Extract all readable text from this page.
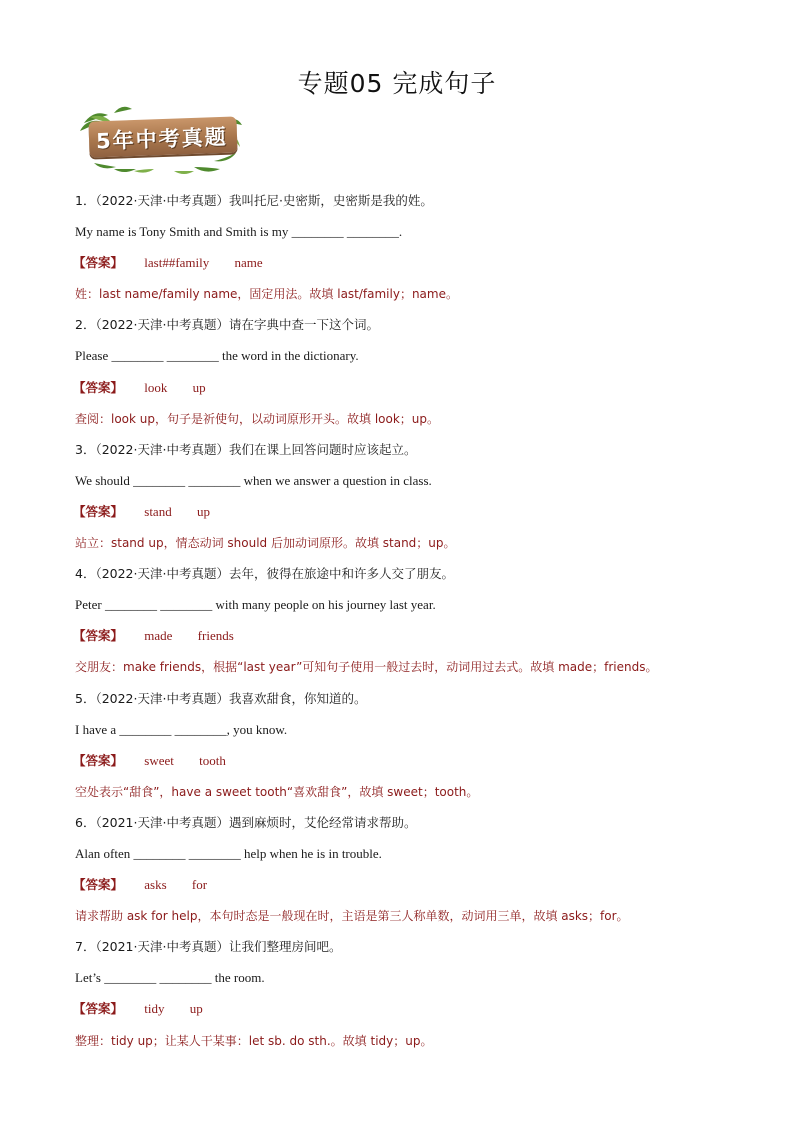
专题05 完成句子
5年中考真题
1．（2022·天津·中考真题）我叫托尼·史密斯，史密斯是我的姓。
My name is Tony Smith and Smith is my ________ ________.
【答案】 last##family name
姓：last name/family name，固定用法。故填 last/family；name。
2．（2022·天津·中考真题）请在字典中查一下这个词。
Please ________ ________ the word in the dictionary.
【答案】 look up
查阅：look up，句子是祈使句，以动词原形开头。故填 look；up。
3．（2022·天津·中考真题）我们在课上回答问题时应该起立。
We should ________ ________ when we answer a question in class.
【答案】 stand up
站立：stand up，情态动词 should 后加动词原形。故填 stand；up。
4．（2022·天津·中考真题）去年，彼得在旅途中和许多人交了朋友。
Peter ________ ________ with many people on his journey last year.
【答案】 made friends
交朋友：make friends，根据“last year”可知句子使用一般过去时，动词用过去式。故填 made；friends。
5．（2022·天津·中考真题）我喜欢甜食，你知道的。
I have a ________ ________, you know.
【答案】 sweet tooth
空处表示“甜食”，have a sweet tooth“喜欢甜食”，故填 sweet；tooth。
6．（2021·天津·中考真题）遇到麻烦时，艾伦经常请求帮助。
Alan often ________ ________ help when he is in trouble.
【答案】 asks for
请求帮助 ask for help，本句时态是一般现在时，主语是第三人称单数，动词用三单，故填 asks；for。
7．（2021·天津·中考真题）让我们整理房间吧。
Let’s ________ ________ the room.
【答案】 tidy up
整理：tidy up；让某人干某事：let sb. do sth.。故填 tidy；up。
